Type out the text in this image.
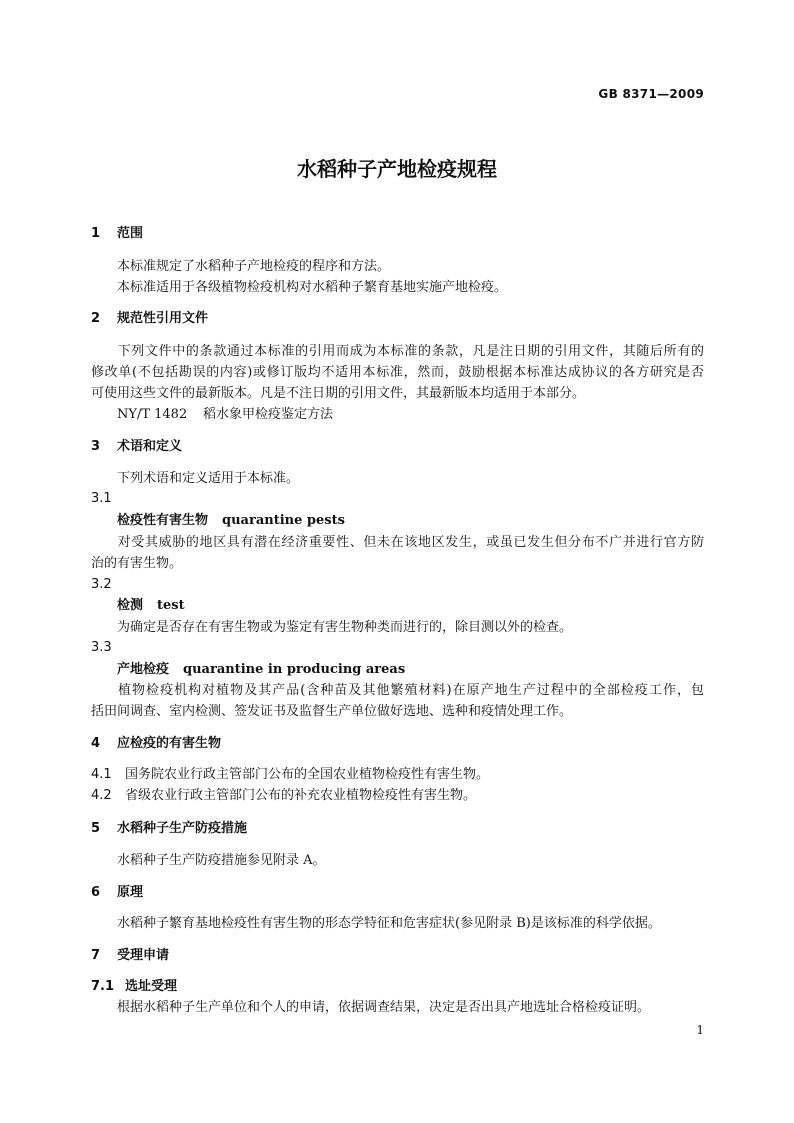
GB 8371—2009
水稻种子产地检疫规程
1 范围
本标准规定了水稻种子产地检疫的程序和方法。
本标准适用于各级植物检疫机构对水稻种子繁育基地实施产地检疫。
2 规范性引用文件
下列文件中的条款通过本标准的引用而成为本标准的条款，凡是注日期的引用文件，其随后所有的
修改单(不包括勘误的内容)或修订版均不适用本标准，然而，鼓励根据本标准达成协议的各方研究是否
可使用这些文件的最新版本。凡是不注日期的引用文件，其最新版本均适用于本部分。
NY/T 1482 稻水象甲检疫鉴定方法
3 术语和定义
下列术语和定义适用于本标准。
3.1
检疫性有害生物 quarantine pests
对受其威胁的地区具有潜在经济重要性、但未在该地区发生，或虽已发生但分布不广并进行官方防
治的有害生物。
3.2
检测 test
为确定是否存在有害生物或为鉴定有害生物种类而进行的，除目测以外的检查。
3.3
产地检疫 quarantine in producing areas
植物检疫机构对植物及其产品(含种苗及其他繁殖材料)在原产地生产过程中的全部检疫工作，包
括田间调查、室内检测、签发证书及监督生产单位做好选地、选种和疫情处理工作。
4 应检疫的有害生物
4.1 国务院农业行政主管部门公布的全国农业植物检疫性有害生物。
4.2 省级农业行政主管部门公布的补充农业植物检疫性有害生物。
5 水稻种子生产防疫措施
水稻种子生产防疫措施参见附录 A。
6 原理
水稻种子繁育基地检疫性有害生物的形态学特征和危害症状(参见附录 B)是该标准的科学依据。
7 受理申请
7.1 选址受理
根据水稻种子生产单位和个人的申请，依据调查结果，决定是否出具产地选址合格检疫证明。
1
